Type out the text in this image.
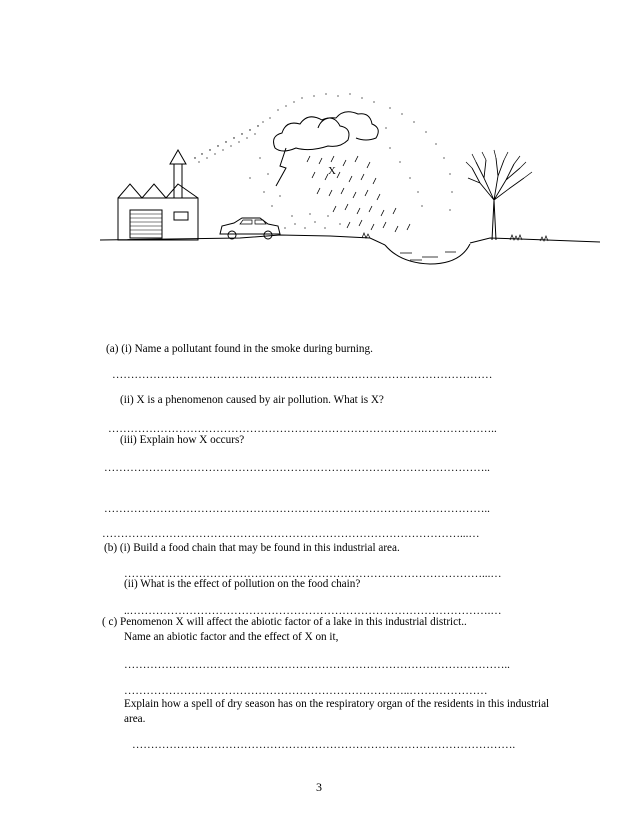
X
(a) (i) Name a pollutant found in the smoke during burning.
…………………………………………………………………………………………
(ii) X is a phenomenon caused by air pollution. What is X?
………………………………………………………………………….………………..
(iii) Explain how X occurs?
…………………………………………………………………………………………..
…………………………………………………………………………………………..
……………………………………………………………………………………...…
(b) (i) Build a food chain that may be found in this industrial area.
……………………………………………………………………………………...…
(ii) What is the effect of pollution on the food chain?
..…………………………………………………………………………………….…
( c) Penomenon X will affect the abiotic factor of a lake in this industrial district..
Name an abiotic factor and the effect of X on it,
…………………………………………………………………………………………..
…………………………………………………………………..…………………
Explain how a spell of dry season has on the respiratory organ of the residents in this industrial
area.
………………………………………………………………………………………….
3
